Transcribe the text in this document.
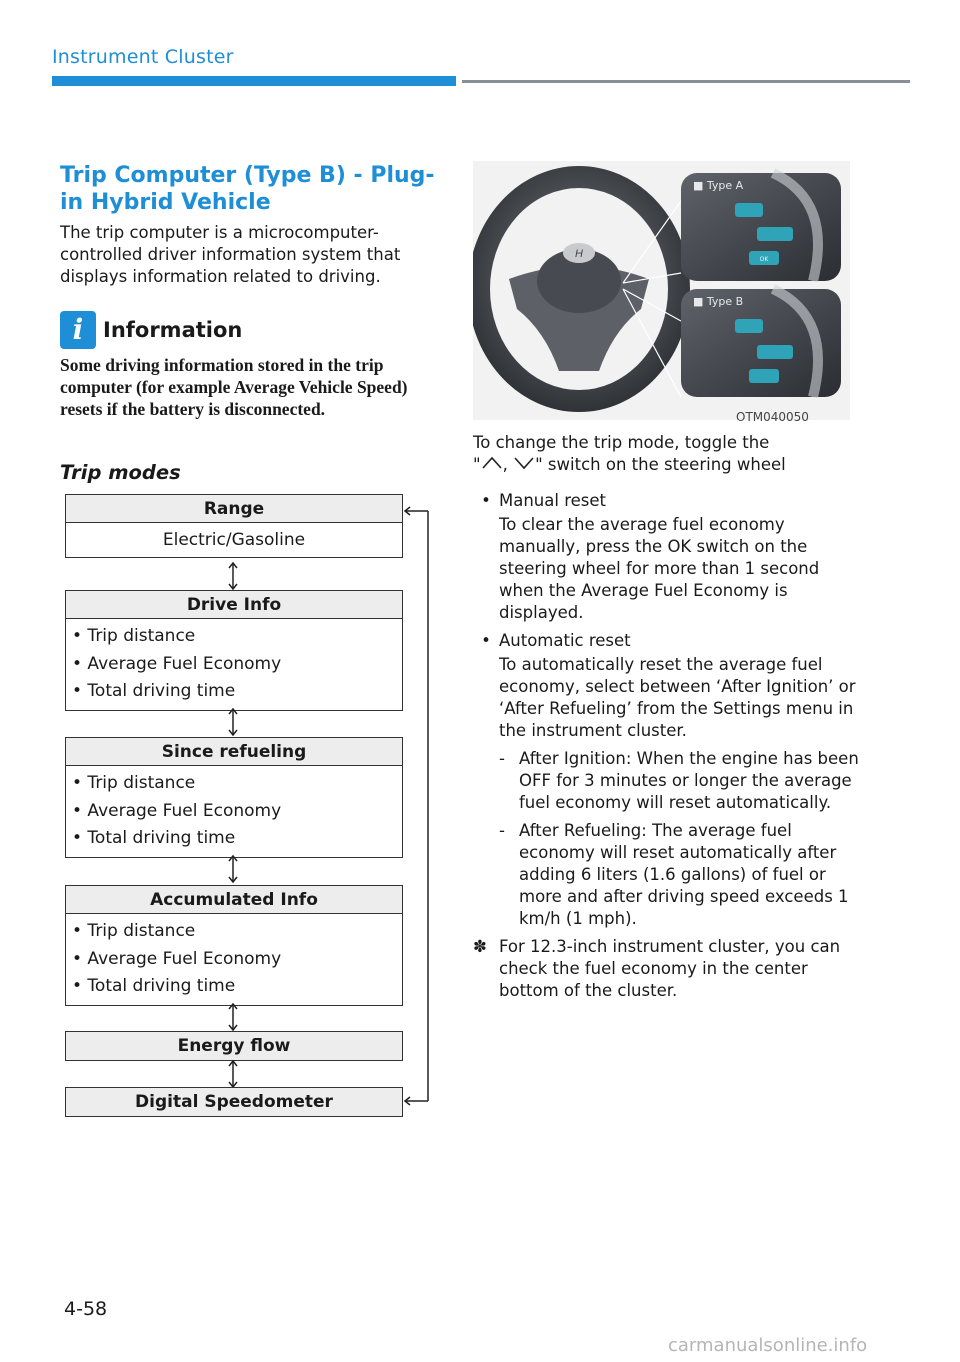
Instrument Cluster
Trip Computer (Type B) - Plug-in Hybrid Vehicle
The trip computer is a microcomputer-controlled driver information system that displays information related to driving.
i Information
Some driving information stored in the trip computer (for example Average Vehicle Speed) resets if the battery is disconnected.
Trip modes
Range
Electric/Gasoline
Drive Info
• Trip distance
• Average Fuel Economy
• Total driving time
Since refueling
• Trip distance
• Average Fuel Economy
• Total driving time
Accumulated Info
• Trip distance
• Average Fuel Economy
• Total driving time
Energy flow
Digital Speedometer
H	OK
■ Type A
■ Type B
OTM040050
To change the trip mode, toggle the
" , " switch on the steering wheel
• Manual reset
To clear the average fuel economy manually, press the OK switch on the steering wheel for more than 1 second when the Average Fuel Economy is displayed.
• Automatic reset
To automatically reset the average fuel economy, select between ‘After Ignition’ or ‘After Refueling’ from the Settings menu in the instrument cluster.
- After Ignition: When the engine has been OFF for 3 minutes or longer the average fuel economy will reset automatically.
- After Refueling: The average fuel economy will reset automatically after adding 6 liters (1.6 gallons) of fuel or more and after driving speed exceeds 1 km/h (1 mph).
✽ For 12.3-inch instrument cluster, you can check the fuel economy in the center bottom of the cluster.
4-58
carmanualsonline.info
